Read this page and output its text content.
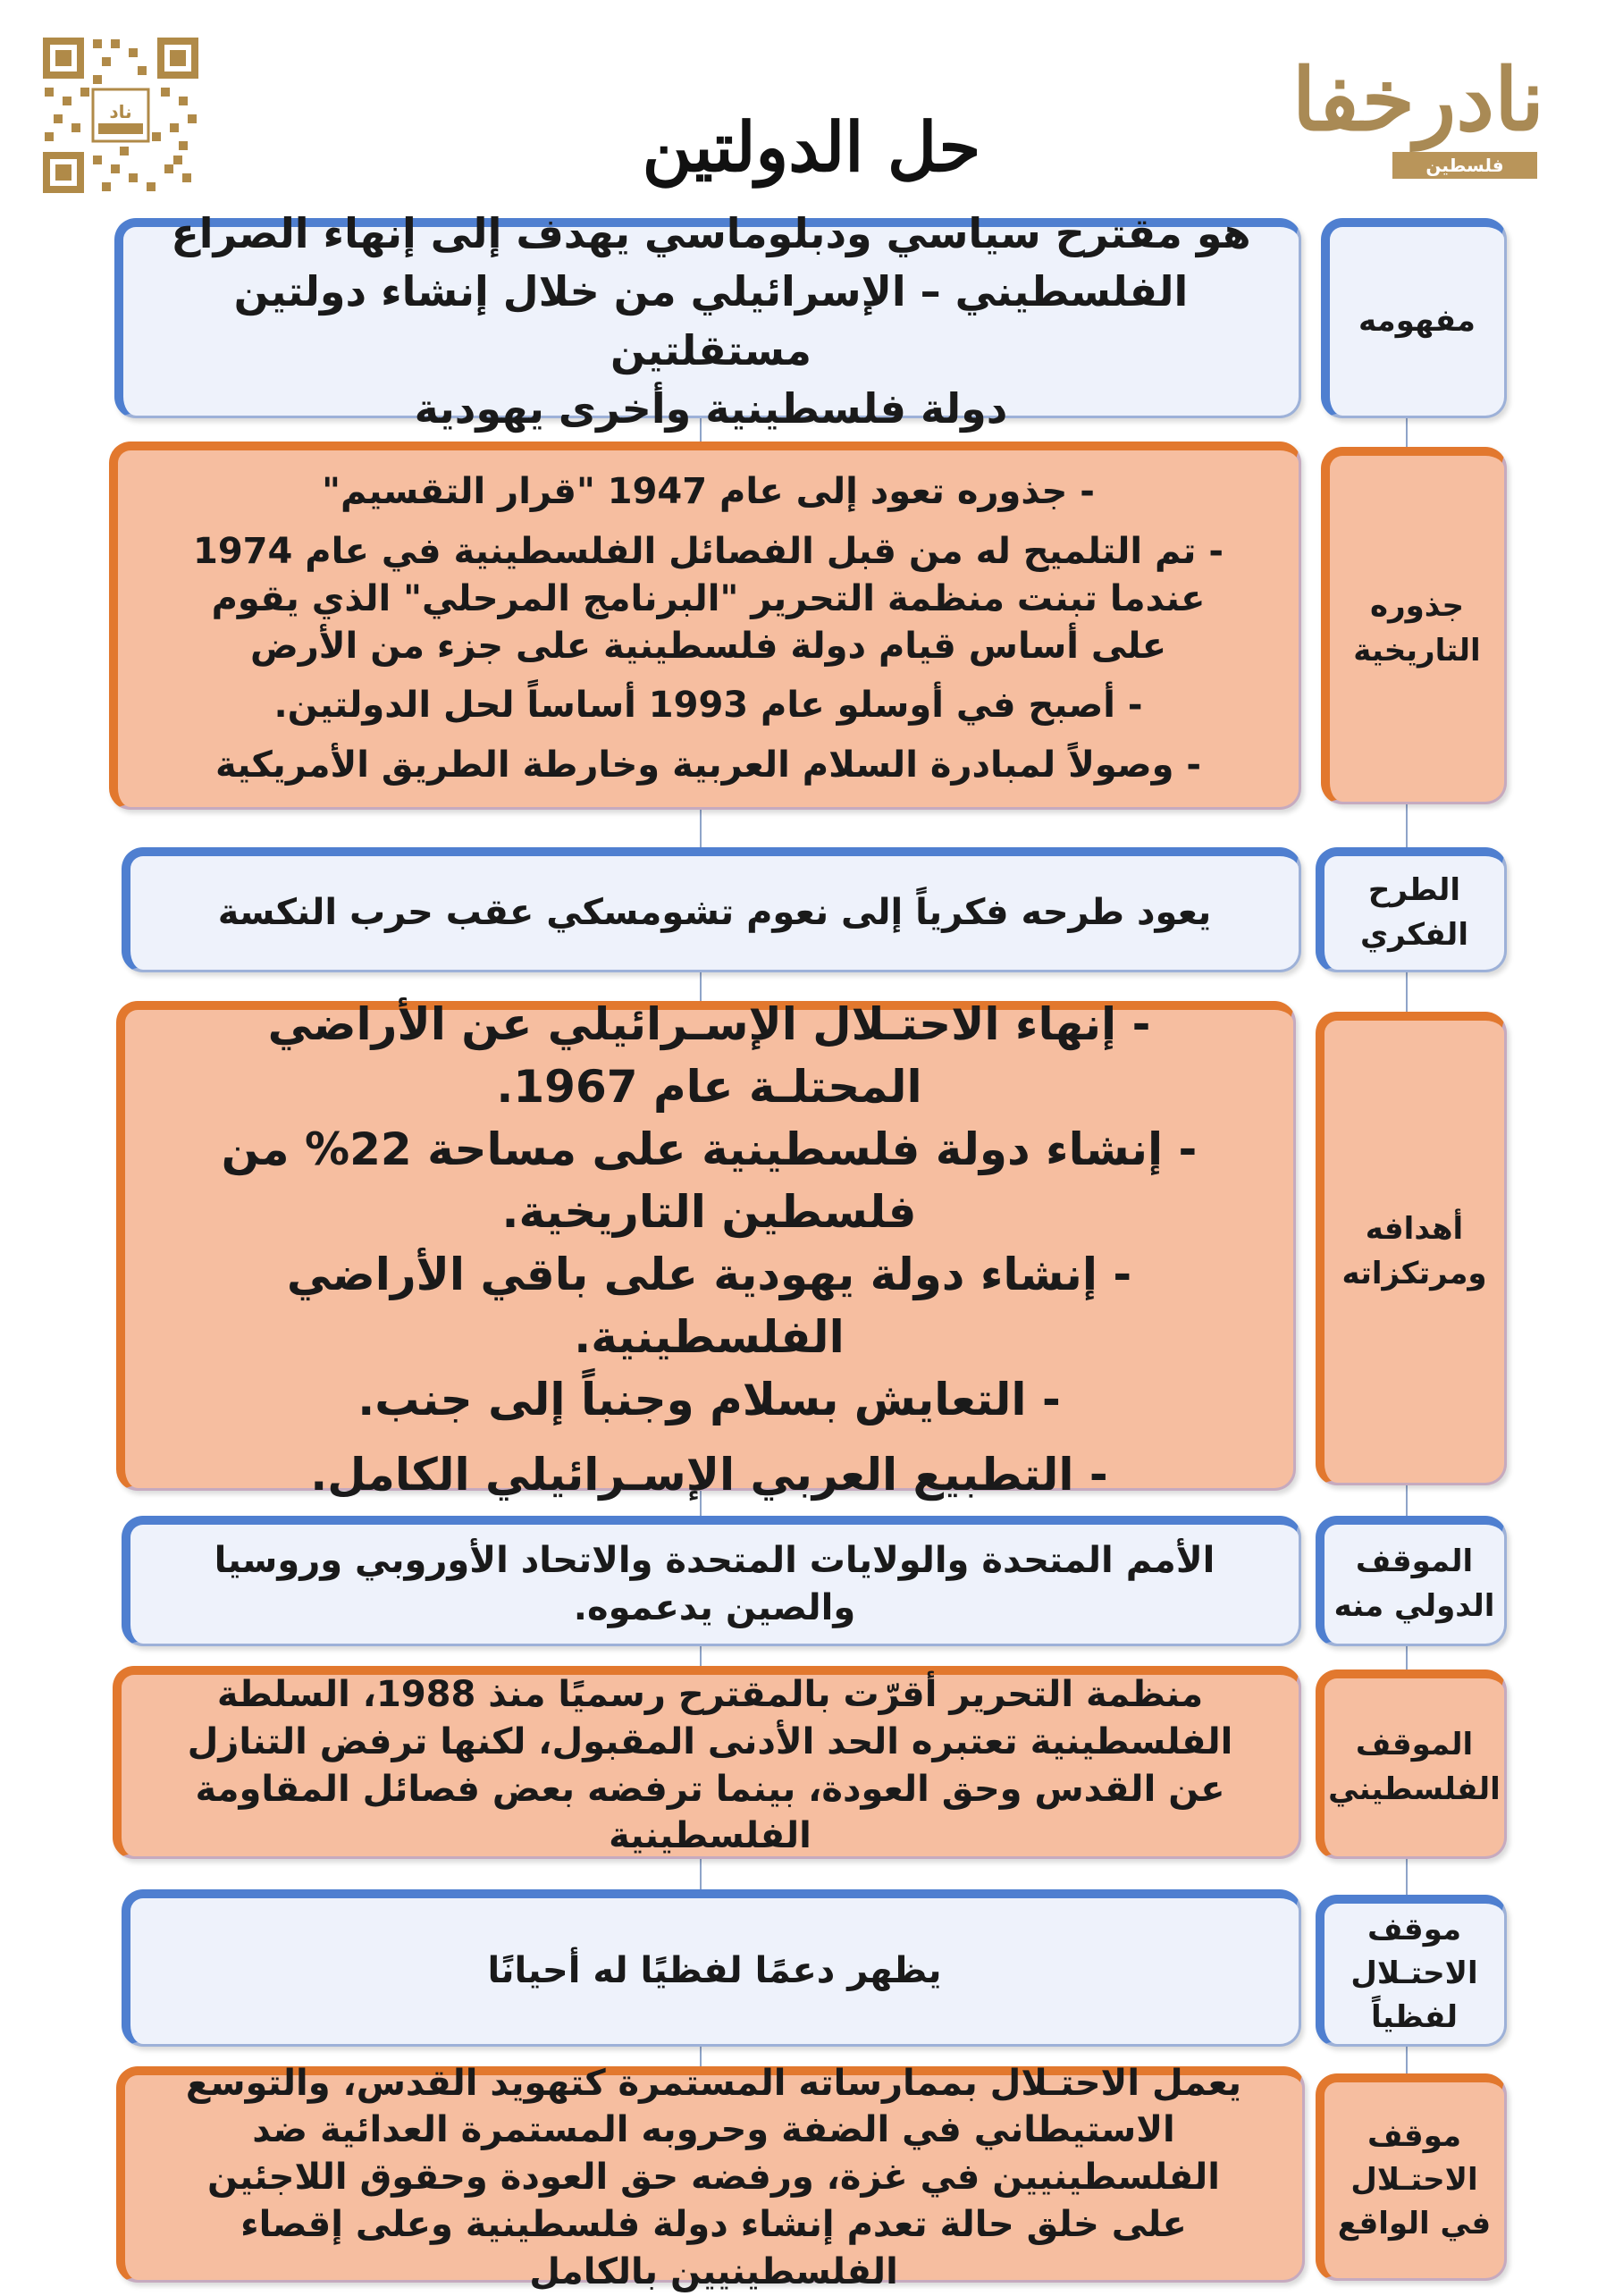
ناد	نادرخفا
فلسطين
حل الدولتين
مفهومه

هو مقترح سياسي ودبلوماسي يهدف إلى إنهاء الصراع

الفلسطيني – الإسرائيلي من خلال إنشاء دولتين مستقلتين

دولة فلسطينية وأخرى يهودية

جذوره التاريخية

- جذوره تعود إلى عام 1947 "قرار التقسيم"

- تم التلميح له من قبل الفصائل الفلسطينية في عام 1974 عندما تبنت منظمة التحرير "البرنامج المرحلي" الذي يقوم على أساس قيام دولة فلسطينية على جزء من الأرض

- أصبح في أوسلو عام 1993 أساساً لحل الدولتين.

- وصولاً لمبادرة السلام العربية وخارطة الطريق الأمريكية

الطرح الفكري

يعود طرحه فكرياً إلى نعوم تشومسكي عقب حرب النكسة

أهدافه ومرتكزاته

- إنهاء الاحتـلال الإسـرائيلي عن الأراضي المحتلـة عام 1967.

- إنشاء دولة فلسطينية على مساحة 22% من فلسطين التاريخية.

- إنشاء دولة يهودية على باقي الأراضي الفلسطينية.

- التعايش بسلام وجنباً إلى جنب.

- التطبيع العربي الإسـرائيلي الكامل.

الموقف الدولي منه

الأمم المتحدة والولايات المتحدة والاتحاد الأوروبي وروسيا والصين يدعموه.

الموقف الفلسطيني

منظمة التحرير أقرّت بالمقترح رسميًا منذ 1988، السلطة الفلسطينية تعتبره الحد الأدنى المقبول، لكنها ترفض التنازل عن القدس وحق العودة، بينما ترفضه بعض فصائل المقاومة الفلسطينية

موقف الاحتـلال لفظياً

يظهر دعمًا لفظيًا له أحيانًا

موقف الاحتـلال في الواقع

يعمل الاحتـلال بممارساته المستمرة كتهويد القدس، والتوسع الاستيطاني في الضفة وحروبه المستمرة العدائية ضد الفلسطينيين في غزة، ورفضه حق العودة وحقوق اللاجئين على خلق حالة تعدم إنشاء دولة فلسطينية وعلى إقصاء الفلسطينيين بالكامل
